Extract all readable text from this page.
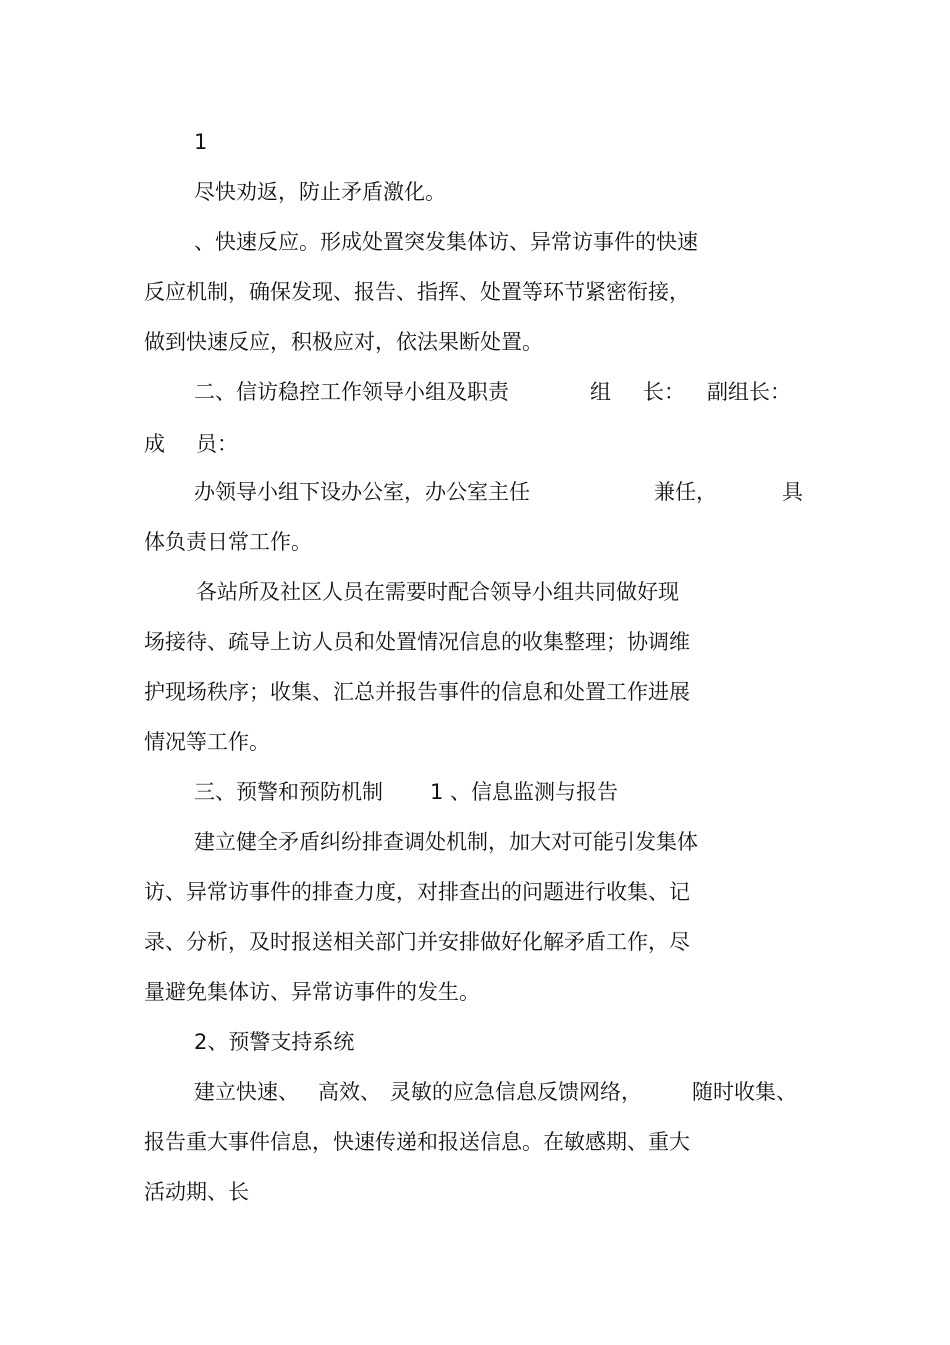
1
尽快劝返，防止矛盾激化。
、快速反应。形成处置突发集体访、异常访事件的快速
反应机制，确保发现、报告、指挥、处置等环节紧密衔接，
做到快速反应，积极应对，依法果断处置。
二、信访稳控工作领导小组及职责	组 长： 副组长：
成 员：
办领导小组下设办公室，办公室主任	兼任，	具
体负责日常工作。
各站所及社区人员在需要时配合领导小组共同做好现
场接待、疏导上访人员和处置情况信息的收集整理；协调维
护现场秩序；收集、汇总并报告事件的信息和处置工作进展
情况等工作。
三、预警和预防机制 1 、信息监测与报告
建立健全矛盾纠纷排查调处机制，加大对可能引发集体
访、异常访事件的排查力度，对排查出的问题进行收集、记
录、分析，及时报送相关部门并安排做好化解矛盾工作，尽
量避免集体访、异常访事件的发生。
2、预警支持系统
建立快速、 高效、 灵敏的应急信息反馈网络， 随时收集、
报告重大事件信息，快速传递和报送信息。在敏感期、重大
活动期、长
